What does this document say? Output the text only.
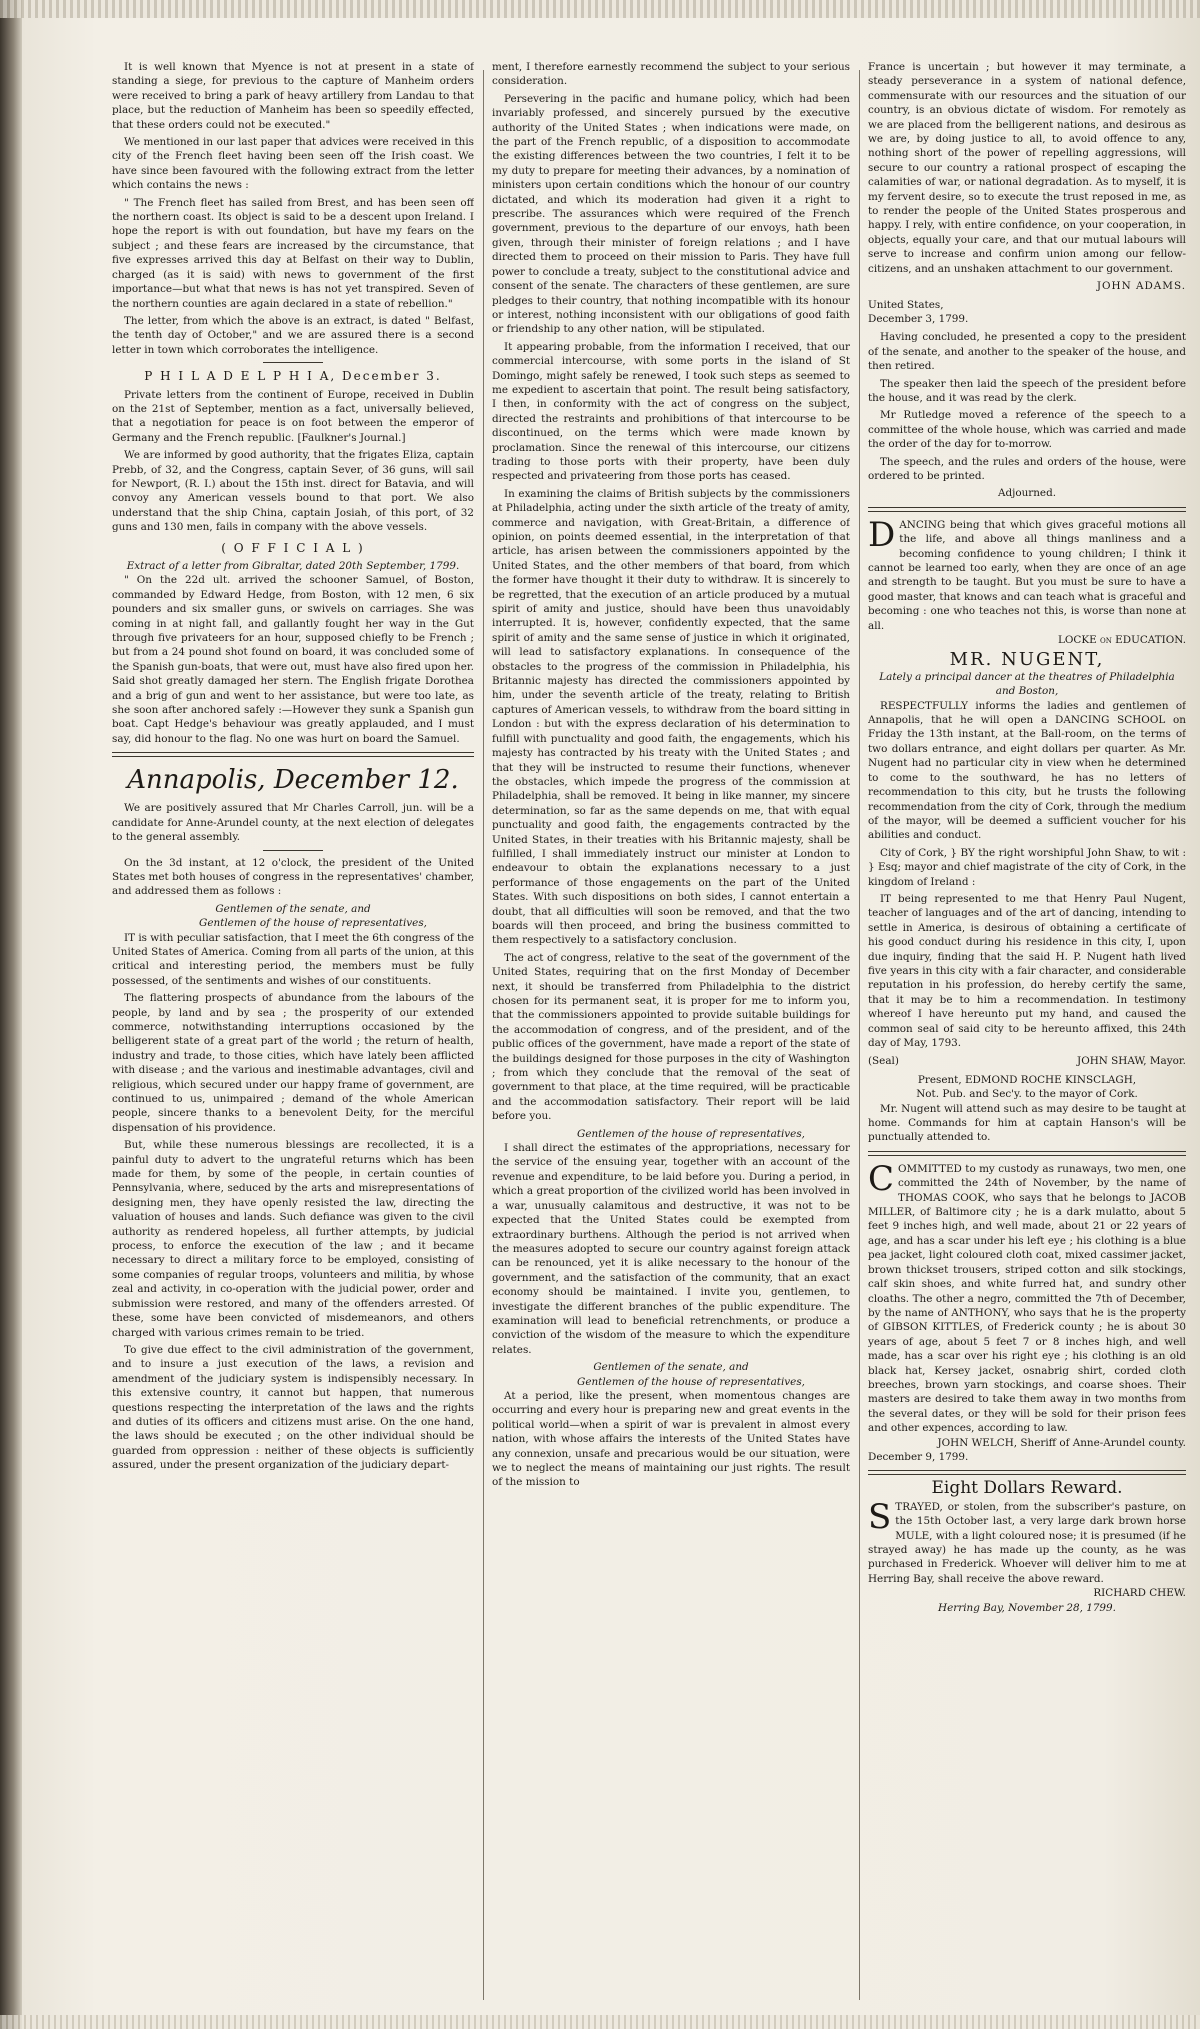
It is well known that Myence is not at present in a state of standing a siege, for previous to the capture of Manheim orders were received to bring a park of heavy artillery from Landau to that place, but the reduction of Manheim has been so speedily effected, that these orders could not be executed."

We mentioned in our last paper that advices were received in this city of the French fleet having been seen off the Irish coast. We have since been favoured with the following extract from the letter which contains the news :

" The French fleet has sailed from Brest, and has been seen off the northern coast. Its object is said to be a descent upon Ireland. I hope the report is with out foundation, but have my fears on the subject ; and these fears are increased by the circumstance, that five expresses arrived this day at Belfast on their way to Dublin, charged (as it is said) with news to government of the first importance—but what that news is has not yet transpired. Seven of the northern counties are again declared in a state of rebellion."

The letter, from which the above is an extract, is dated " Belfast, the tenth day of October," and we are assured there is a second letter in town which corroborates the intelligence.

P H I L A D E L P H I A, December 3.

Private letters from the continent of Europe, received in Dublin on the 21st of September, mention as a fact, universally believed, that a negotiation for peace is on foot between the emperor of Germany and the French republic. [Faulkner's Journal.]

We are informed by good authority, that the frigates Eliza, captain Prebb, of 32, and the Congress, captain Sever, of 36 guns, will sail for Newport, (R. I.) about the 15th inst. direct for Batavia, and will convoy any American vessels bound to that port. We also understand that the ship China, captain Josiah, of this port, of 32 guns and 130 men, fails in company with the above vessels.

( O F F I C I A L )
Extract of a letter from Gibraltar, dated 20th September, 1799.

" On the 22d ult. arrived the schooner Samuel, of Boston, commanded by Edward Hedge, from Boston, with 12 men, 6 six pounders and six smaller guns, or swivels on carriages. She was coming in at night fall, and gallantly fought her way in the Gut through five privateers for an hour, supposed chiefly to be French ; but from a 24 pound shot found on board, it was concluded some of the Spanish gun-boats, that were out, must have also fired upon her. Said shot greatly damaged her stern. The English frigate Dorothea and a brig of gun and went to her assistance, but were too late, as she soon after anchored safely :—However they sunk a Spanish gun boat. Capt Hedge's behaviour was greatly applauded, and I must say, did honour to the flag. No one was hurt on board the Samuel.

Annapolis, December 12.

We are positively assured that Mr Charles Carroll, jun. will be a candidate for Anne-Arundel county, at the next election of delegates to the general assembly.

On the 3d instant, at 12 o'clock, the president of the United States met both houses of congress in the representatives' chamber, and addressed them as follows :

Gentlemen of the senate, and
Gentlemen of the house of representatives,

IT is with peculiar satisfaction, that I meet the 6th congress of the United States of America. Coming from all parts of the union, at this critical and interesting period, the members must be fully possessed, of the sentiments and wishes of our constituents.

The flattering prospects of abundance from the labours of the people, by land and by sea ; the prosperity of our extended commerce, notwithstanding interruptions occasioned by the belligerent state of a great part of the world ; the return of health, industry and trade, to those cities, which have lately been afflicted with disease ; and the various and inestimable advantages, civil and religious, which secured under our happy frame of government, are continued to us, unimpaired ; demand of the whole American people, sincere thanks to a benevolent Deity, for the merciful dispensation of his providence.

But, while these numerous blessings are recollected, it is a painful duty to advert to the ungrateful returns which has been made for them, by some of the people, in certain counties of Pennsylvania, where, seduced by the arts and misrepresentations of designing men, they have openly resisted the law, directing the valuation of houses and lands. Such defiance was given to the civil authority as rendered hopeless, all further attempts, by judicial process, to enforce the execution of the law ; and it became necessary to direct a military force to be employed, consisting of some companies of regular troops, volunteers and militia, by whose zeal and activity, in co-operation with the judicial power, order and submission were restored, and many of the offenders arrested. Of these, some have been convicted of misdemeanors, and others charged with various crimes remain to be tried.

To give due effect to the civil administration of the government, and to insure a just execution of the laws, a revision and amendment of the judiciary system is indispensibly necessary. In this extensive country, it cannot but happen, that numerous questions respecting the interpretation of the laws and the rights and duties of its officers and citizens must arise. On the one hand, the laws should be executed ; on the other individual should be guarded from oppression : neither of these objects is sufficiently assured, under the present organization of the judiciary depart-

ment, I therefore earnestly recommend the subject to your serious consideration.

Persevering in the pacific and humane policy, which had been invariably professed, and sincerely pursued by the executive authority of the United States ; when indications were made, on the part of the French republic, of a disposition to accommodate the existing differences between the two countries, I felt it to be my duty to prepare for meeting their advances, by a nomination of ministers upon certain conditions which the honour of our country dictated, and which its moderation had given it a right to prescribe. The assurances which were required of the French government, previous to the departure of our envoys, hath been given, through their minister of foreign relations ; and I have directed them to proceed on their mission to Paris. They have full power to conclude a treaty, subject to the constitutional advice and consent of the senate. The characters of these gentlemen, are sure pledges to their country, that nothing incompatible with its honour or interest, nothing inconsistent with our obligations of good faith or friendship to any other nation, will be stipulated.

It appearing probable, from the information I received, that our commercial intercourse, with some ports in the island of St Domingo, might safely be renewed, I took such steps as seemed to me expedient to ascertain that point. The result being satisfactory, I then, in conformity with the act of congress on the subject, directed the restraints and prohibitions of that intercourse to be discontinued, on the terms which were made known by proclamation. Since the renewal of this intercourse, our citizens trading to those ports with their property, have been duly respected and privateering from those ports has ceased.

In examining the claims of British subjects by the commissioners at Philadelphia, acting under the sixth article of the treaty of amity, commerce and navigation, with Great-Britain, a difference of opinion, on points deemed essential, in the interpretation of that article, has arisen between the commissioners appointed by the United States, and the other members of that board, from which the former have thought it their duty to withdraw. It is sincerely to be regretted, that the execution of an article produced by a mutual spirit of amity and justice, should have been thus unavoidably interrupted. It is, however, confidently expected, that the same spirit of amity and the same sense of justice in which it originated, will lead to satisfactory explanations. In consequence of the obstacles to the progress of the commission in Philadelphia, his Britannic majesty has directed the commissioners appointed by him, under the seventh article of the treaty, relating to British captures of American vessels, to withdraw from the board sitting in London : but with the express declaration of his determination to fulfill with punctuality and good faith, the engagements, which his majesty has contracted by his treaty with the United States ; and that they will be instructed to resume their functions, whenever the obstacles, which impede the progress of the commission at Philadelphia, shall be removed. It being in like manner, my sincere determination, so far as the same depends on me, that with equal punctuality and good faith, the engagements contracted by the United States, in their treaties with his Britannic majesty, shall be fulfilled, I shall immediately instruct our minister at London to endeavour to obtain the explanations necessary to a just performance of those engagements on the part of the United States. With such dispositions on both sides, I cannot entertain a doubt, that all difficulties will soon be removed, and that the two boards will then proceed, and bring the business committed to them respectively to a satisfactory conclusion.

The act of congress, relative to the seat of the government of the United States, requiring that on the first Monday of December next, it should be transferred from Philadelphia to the district chosen for its permanent seat, it is proper for me to inform you, that the commissioners appointed to provide suitable buildings for the accommodation of congress, and of the president, and of the public offices of the government, have made a report of the state of the buildings designed for those purposes in the city of Washington ; from which they conclude that the removal of the seat of government to that place, at the time required, will be practicable and the accommodation satisfactory. Their report will be laid before you.

Gentlemen of the house of representatives,

I shall direct the estimates of the appropriations, necessary for the service of the ensuing year, together with an account of the revenue and expenditure, to be laid before you. During a period, in which a great proportion of the civilized world has been involved in a war, unusually calamitous and destructive, it was not to be expected that the United States could be exempted from extraordinary burthens. Although the period is not arrived when the measures adopted to secure our country against foreign attack can be renounced, yet it is alike necessary to the honour of the government, and the satisfaction of the community, that an exact economy should be maintained. I invite you, gentlemen, to investigate the different branches of the public expenditure. The examination will lead to beneficial retrenchments, or produce a conviction of the wisdom of the measure to which the expenditure relates.

Gentlemen of the senate, and
Gentlemen of the house of representatives,

At a period, like the present, when momentous changes are occurring and every hour is preparing new and great events in the political world—when a spirit of war is prevalent in almost every nation, with whose affairs the interests of the United States have any connexion, unsafe and precarious would be our situation, were we to neglect the means of maintaining our just rights. The result of the mission to

France is uncertain ; but however it may terminate, a steady perseverance in a system of national defence, commensurate with our resources and the situation of our country, is an obvious dictate of wisdom. For remotely as we are placed from the belligerent nations, and desirous as we are, by doing justice to all, to avoid offence to any, nothing short of the power of repelling aggressions, will secure to our country a rational prospect of escaping the calamities of war, or national degradation. As to myself, it is my fervent desire, so to execute the trust reposed in me, as to render the people of the United States prosperous and happy. I rely, with entire confidence, on your cooperation, in objects, equally your care, and that our mutual labours will serve to increase and confirm union among our fellow-citizens, and an unshaken attachment to our government.

JOHN ADAMS.
United States,
December 3, 1799.

Having concluded, he presented a copy to the president of the senate, and another to the speaker of the house, and then retired.

The speaker then laid the speech of the president before the house, and it was read by the clerk.

Mr Rutledge moved a reference of the speech to a committee of the whole house, which was carried and made the order of the day for to-morrow.

The speech, and the rules and orders of the house, were ordered to be printed.

Adjourned.
D ANCING being that which gives graceful motions all the life, and above all things manliness and a becoming confidence to young children; I think it cannot be learned too early, when they are once of an age and strength to be taught. But you must be sure to have a good master, that knows and can teach what is graceful and becoming : one who teaches not this, is worse than none at all.
LOCKE on EDUCATION.
MR. NUGENT,
Lately a principal dancer at the theatres of Philadelphia and Boston,

RESPECTFULLY informs the ladies and gentlemen of Annapolis, that he will open a DANCING SCHOOL on Friday the 13th instant, at the Ball-room, on the terms of two dollars entrance, and eight dollars per quarter. As Mr. Nugent had no particular city in view when he determined to come to the southward, he has no letters of recommendation to this city, but he trusts the following recommendation from the city of Cork, through the medium of the mayor, will be deemed a sufficient voucher for his abilities and conduct.

City of Cork, } BY the right worshipful John Shaw, to wit : } Esq; mayor and chief magistrate of the city of Cork, in the kingdom of Ireland :

IT being represented to me that Henry Paul Nugent, teacher of languages and of the art of dancing, intending to settle in America, is desirous of obtaining a certificate of his good conduct during his residence in this city, I, upon due inquiry, finding that the said H. P. Nugent hath lived five years in this city with a fair character, and considerable reputation in his profession, do hereby certify the same, that it may be to him a recommendation. In testimony whereof I have hereunto put my hand, and caused the common seal of said city to be hereunto affixed, this 24th day of May, 1793.

(Seal)	JOHN SHAW, Mayor.
Present, EDMOND ROCHE KINSCLAGH,
Not. Pub. and Sec'y. to the mayor of Cork.

Mr. Nugent will attend such as may desire to be taught at home. Commands for him at captain Hanson's will be punctually attended to.

C OMMITTED to my custody as runaways, two men, one committed the 24th of November, by the name of THOMAS COOK, who says that he belongs to JACOB MILLER, of Baltimore city ; he is a dark mulatto, about 5 feet 9 inches high, and well made, about 21 or 22 years of age, and has a scar under his left eye ; his clothing is a blue pea jacket, light coloured cloth coat, mixed cassimer jacket, brown thickset trousers, striped cotton and silk stockings, calf skin shoes, and white furred hat, and sundry other cloaths. The other a negro, committed the 7th of December, by the name of ANTHONY, who says that he is the property of GIBSON KITTLES, of Frederick county ; he is about 30 years of age, about 5 feet 7 or 8 inches high, and well made, has a scar over his right eye ; his clothing is an old black hat, Kersey jacket, osnabrig shirt, corded cloth breeches, brown yarn stockings, and coarse shoes. Their masters are desired to take them away in two months from the several dates, or they will be sold for their prison fees and other expences, according to law.
JOHN WELCH, Sheriff of Anne-Arundel county.
December 9, 1799.
Eight Dollars Reward.
S TRAYED, or stolen, from the subscriber's pasture, on the 15th October last, a very large dark brown horse MULE, with a light coloured nose; it is presumed (if he strayed away) he has made up the county, as he was purchased in Frederick. Whoever will deliver him to me at Herring Bay, shall receive the above reward.
RICHARD CHEW.
Herring Bay, November 28, 1799.
